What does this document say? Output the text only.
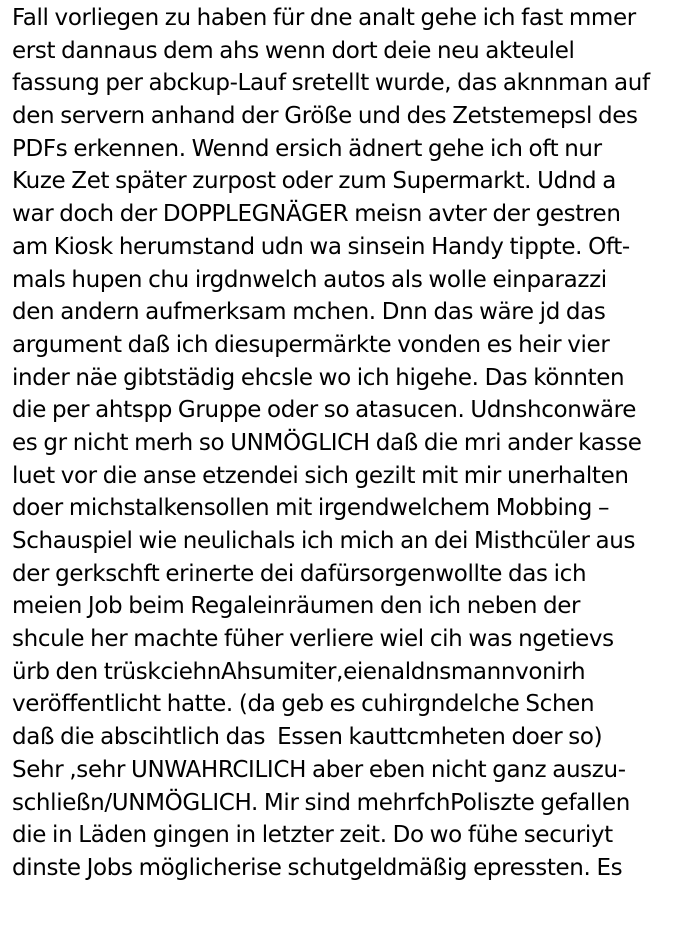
Fall vorliegen zu haben für dne analt gehe ich fast mmer
erst dannaus dem ahs wenn dort deie neu akteulel
fassung per abckup-Lauf sretellt wurde, das aknnman auf
den servern anhand der Größe und des Zetstemepsl des
PDFs erkennen. Wennd ersich ädnert gehe ich oft nur
Kuze Zet später zurpost oder zum Supermarkt. Udnd a
war doch der DOPPLEGNÄGER meisn avter der gestren
am Kiosk herumstand udn wa sinsein Handy tippte. Oft-
mals hupen chu irgdnwelch autos als wolle einparazzi
den andern aufmerksam mchen. Dnn das wäre jd das
argument daß ich diesupermärkte vonden es heir vier
inder näe gibtstädig ehcsle wo ich higehe. Das könnten
die per ahtspp Gruppe oder so atasucen. Udnshconwäre
es gr nicht merh so UNMÖGLICH daß die mri ander kasse
luet vor die anse etzendei sich gezilt mit mir unerhalten
doer michstalkensollen mit irgendwelchem Mobbing –
Schauspiel wie neulichals ich mich an dei Misthcüler aus
der gerkschft erinerte dei dafürsorgenwollte das ich
meien Job beim Regaleinräumen den ich neben der
shcule her machte füher verliere wiel cih was ngetievs
ürb den trüskciehnAhsumiter,eienaldnsmannvonirh
veröffentlicht hatte. (da geb es cuhirgndelche Schen
daß die abscihtlich das  Essen kauttcmheten doer so)
Sehr ,sehr UNWAHRCILICH aber eben nicht ganz auszu-
schließn/UNMÖGLICH. Mir sind mehrfchPoliszte gefallen
die in Läden gingen in letzter zeit. Do wo fühe securiyt
dinste Jobs möglicherise schutgeldmäßig epressten. Es
